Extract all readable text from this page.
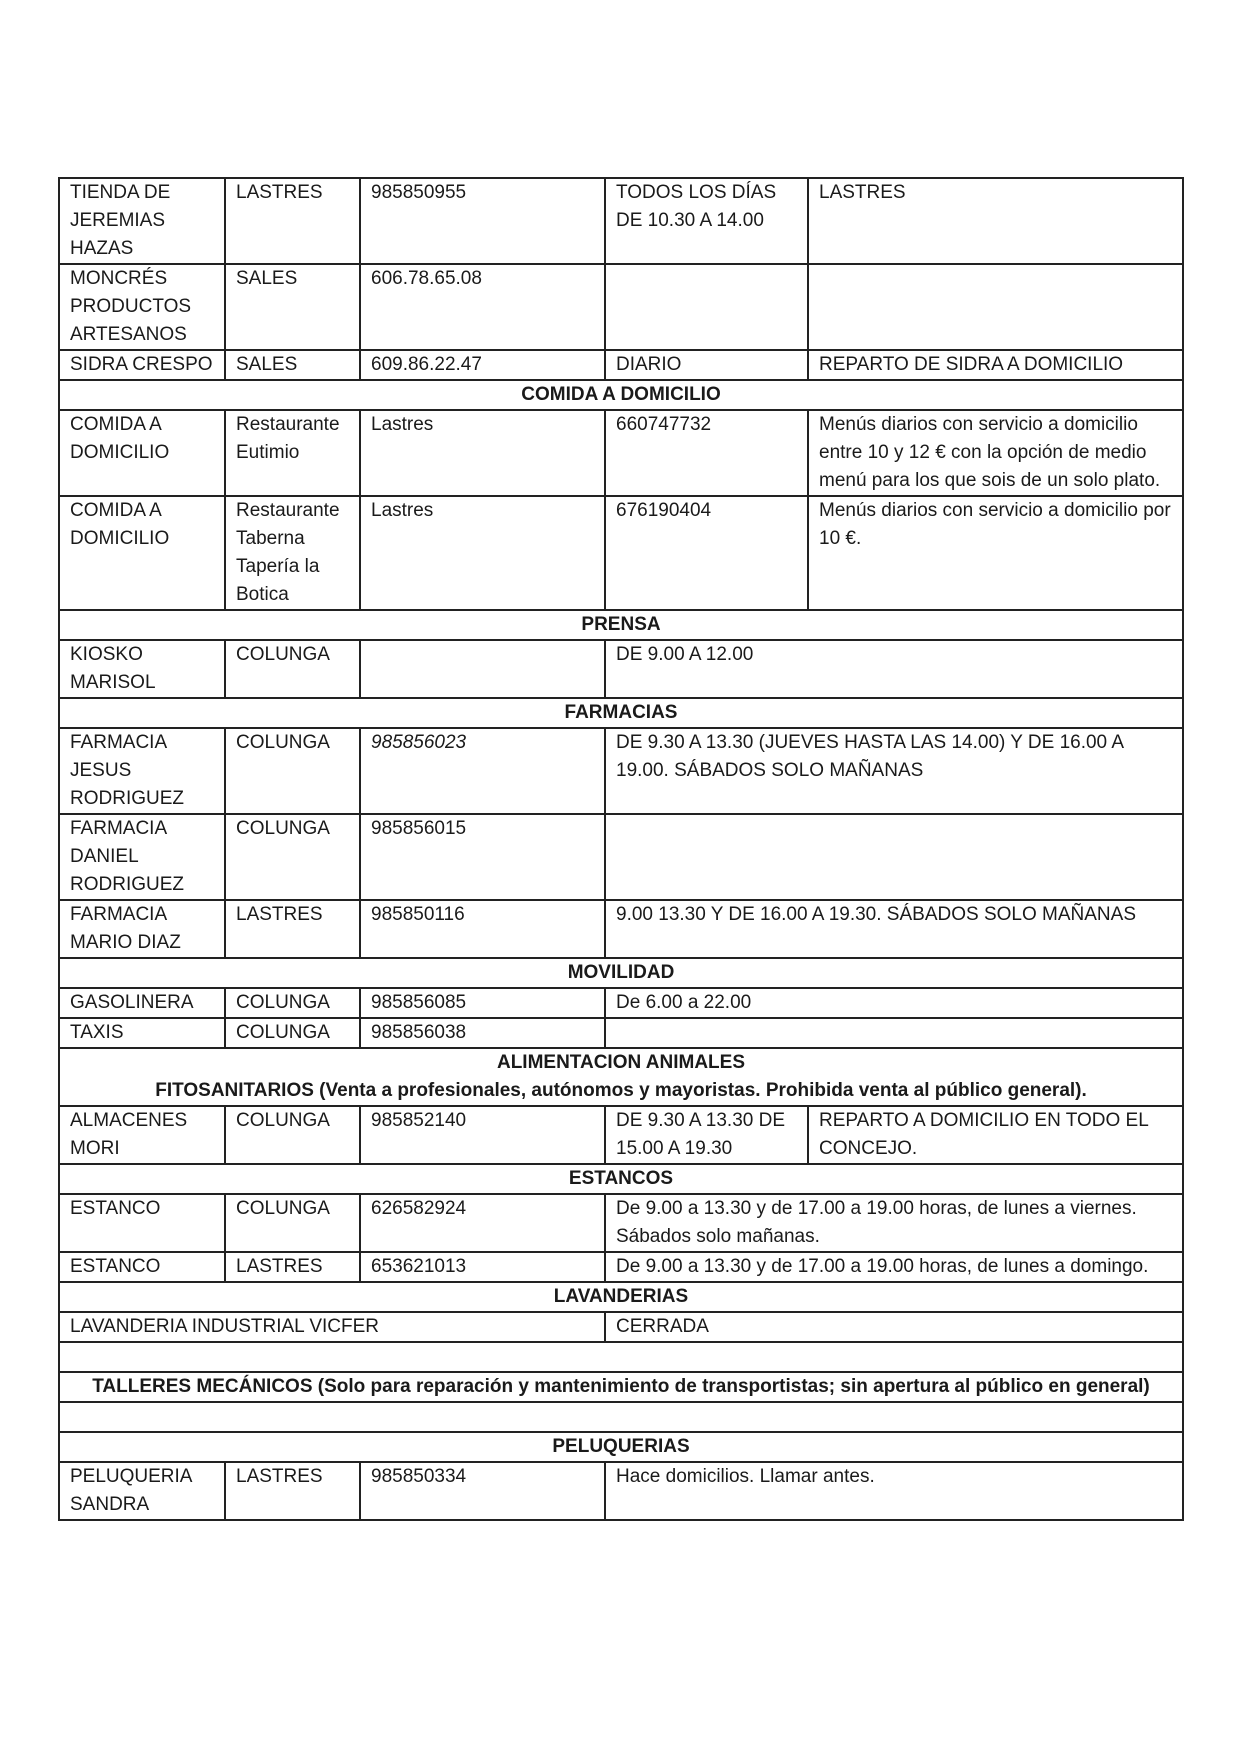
TIENDA DE JEREMIAS HAZAS	LASTRES	985850955	TODOS LOS DÍAS DE 10.30 A 14.00	LASTRES
MONCRÉS PRODUCTOS ARTESANOS	SALES	606.78.65.08		
SIDRA CRESPO	SALES	609.86.22.47	DIARIO	REPARTO DE SIDRA A DOMICILIO
COMIDA A DOMICILIO				
COMIDA A DOMICILIO	Restaurante Eutimio	Lastres	660747732	Menús diarios con servicio a domicilio entre 10 y 12 € con la opción de medio menú para los que sois de un solo plato.
COMIDA A DOMICILIO	Restaurante Taberna Tapería la Botica	Lastres	676190404	Menús diarios con servicio a domicilio por 10 €.
PRENSA				
KIOSKO MARISOL	COLUNGA		DE 9.00 A 12.00	
FARMACIAS				
FARMACIA JESUS RODRIGUEZ	COLUNGA	985856023	DE 9.30 A 13.30 (JUEVES HASTA LAS 14.00) Y DE 16.00 A 19.00. SÁBADOS SOLO MAÑANAS	
FARMACIA DANIEL RODRIGUEZ	COLUNGA	985856015		
FARMACIA MARIO DIAZ	LASTRES	985850116	9.00 13.30 Y DE 16.00 A 19.30. SÁBADOS SOLO MAÑANAS	
MOVILIDAD				
GASOLINERA	COLUNGA	985856085	De 6.00 a 22.00	
TAXIS	COLUNGA	985856038		

ALIMENTACION ANIMALES
FITOSANITARIOS (Venta a profesionales, autónomos y mayoristas. Prohibida venta al público general).				

ALMACENES MORI	COLUNGA	985852140	DE 9.30 A 13.30 DE 15.00 A 19.30	REPARTO A DOMICILIO EN TODO EL CONCEJO.
ESTANCOS				
ESTANCO	COLUNGA	626582924	De 9.00 a 13.30 y de 17.00 a 19.00 horas, de lunes a viernes. Sábados solo mañanas.	
ESTANCO	LASTRES	653621013	De 9.00 a 13.30 y de 17.00 a 19.00 horas, de lunes a domingo.	
LAVANDERIAS				
LAVANDERIA INDUSTRIAL VICFER			CERRADA	

TALLERES MECÁNICOS (Solo para reparación y mantenimiento de transportistas; sin apertura al público en general)				

PELUQUERIAS				
PELUQUERIA SANDRA	LASTRES	985850334	Hace domicilios. Llamar antes.	
